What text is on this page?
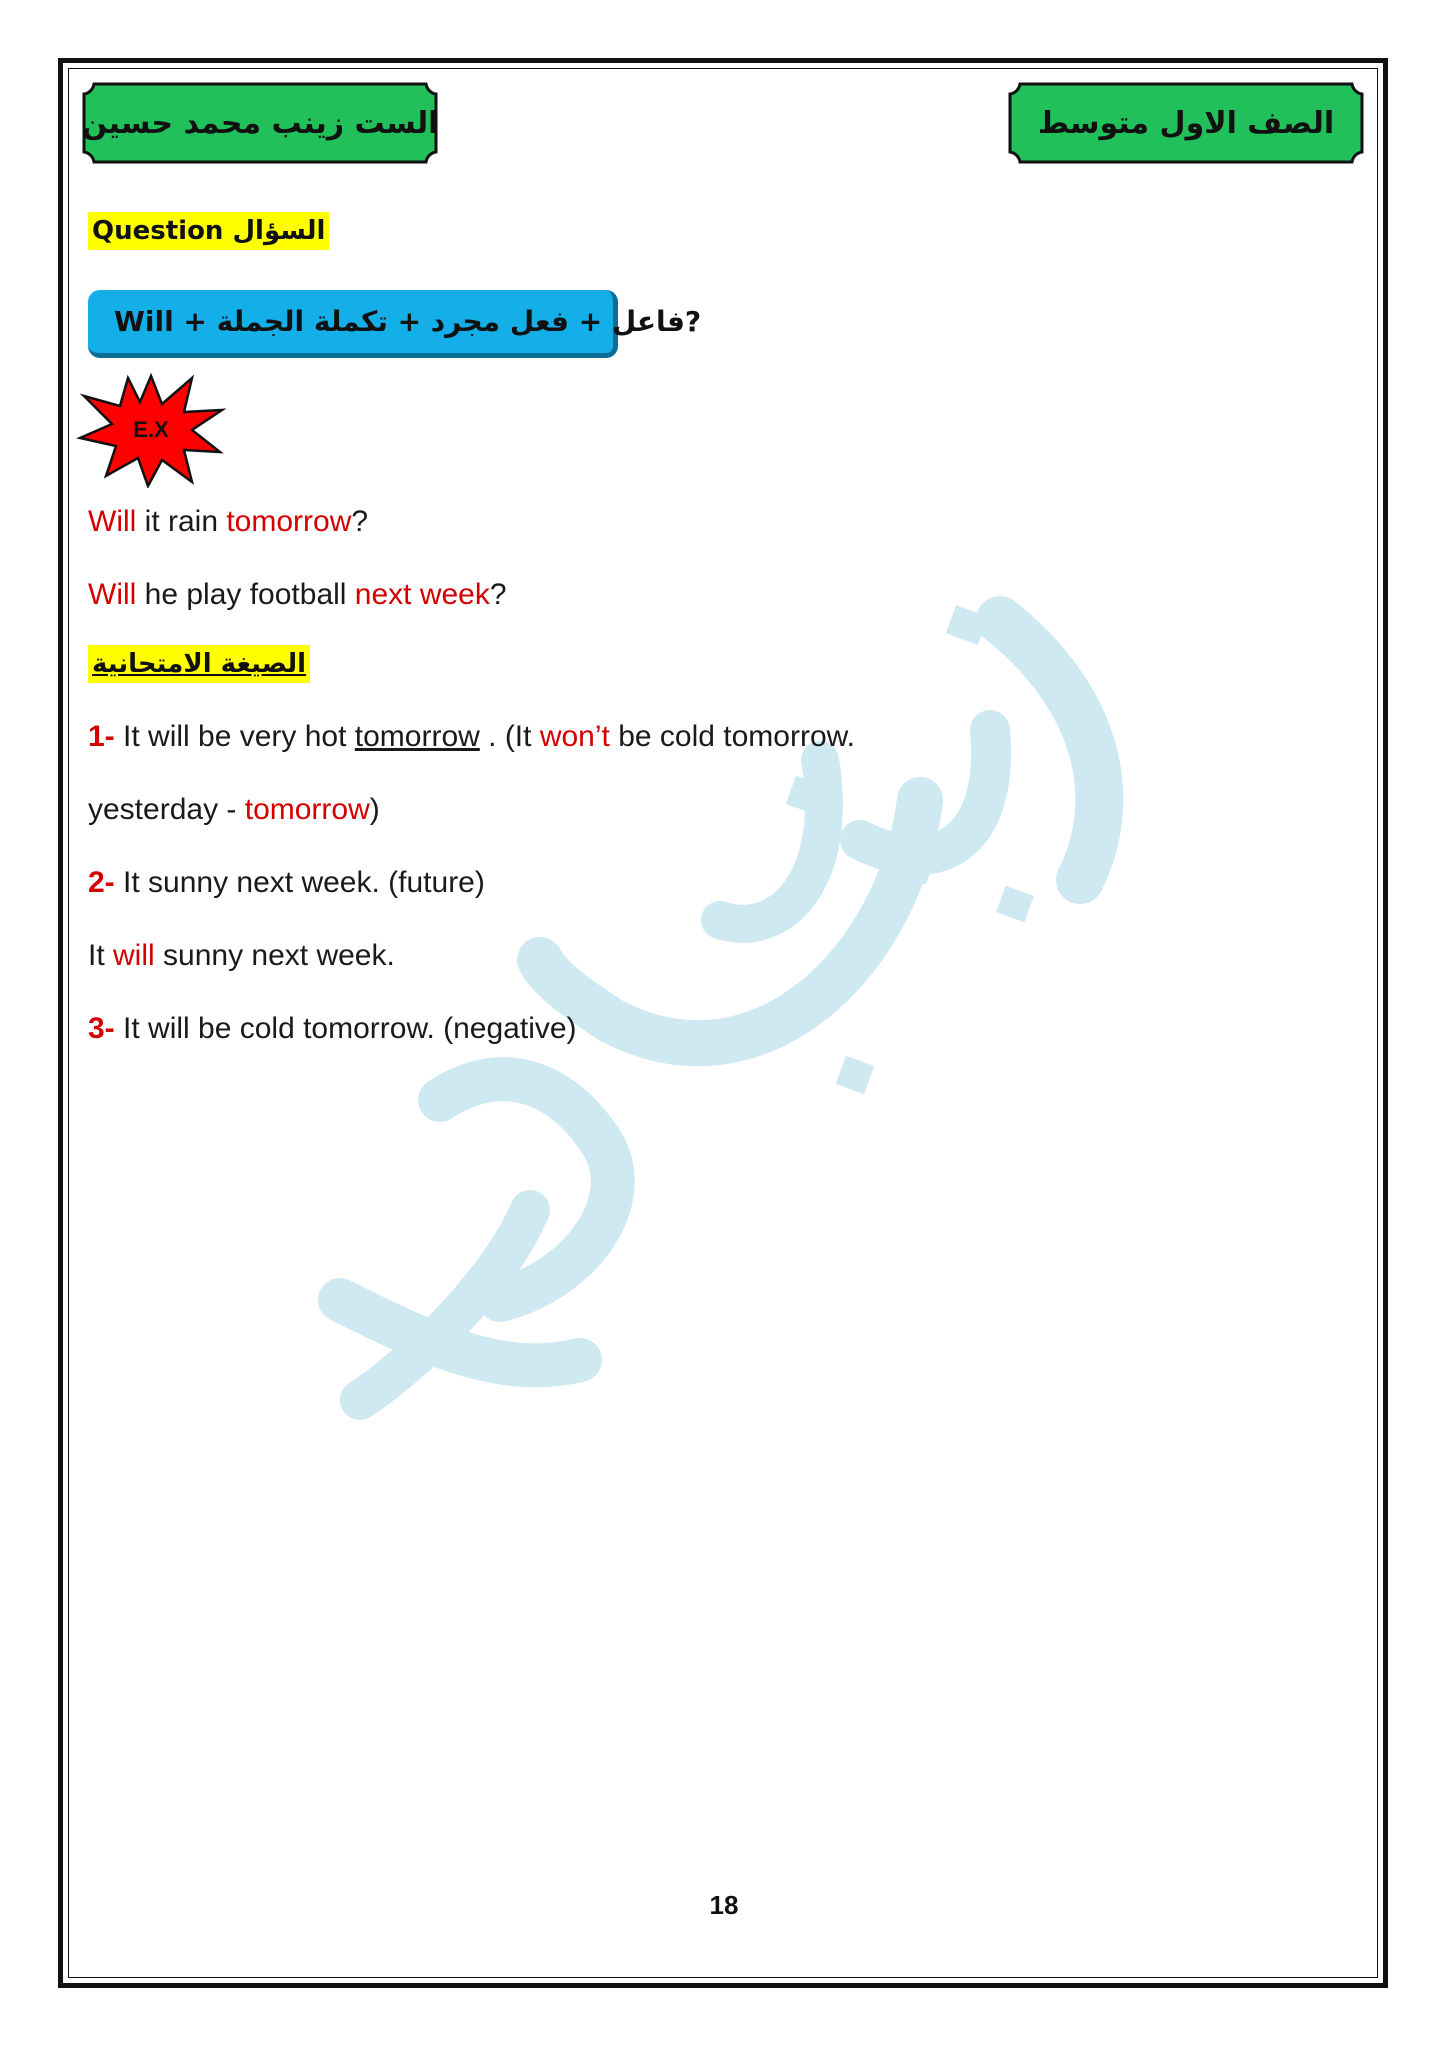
الست زينب محمد حسين	الصف الاول متوسط
Question السؤال
Will + فاعل + فعل مجرد + تكملة الجملة?
E.X
Will it rain tomorrow?
Will he play football next week?
الصيغة الامتحانية
1- It will be very hot tomorrow . (It won’t be cold tomorrow.
yesterday - tomorrow)
2- It sunny next week. (future)
It will sunny next week.
3- It will be cold tomorrow. (negative)
18
